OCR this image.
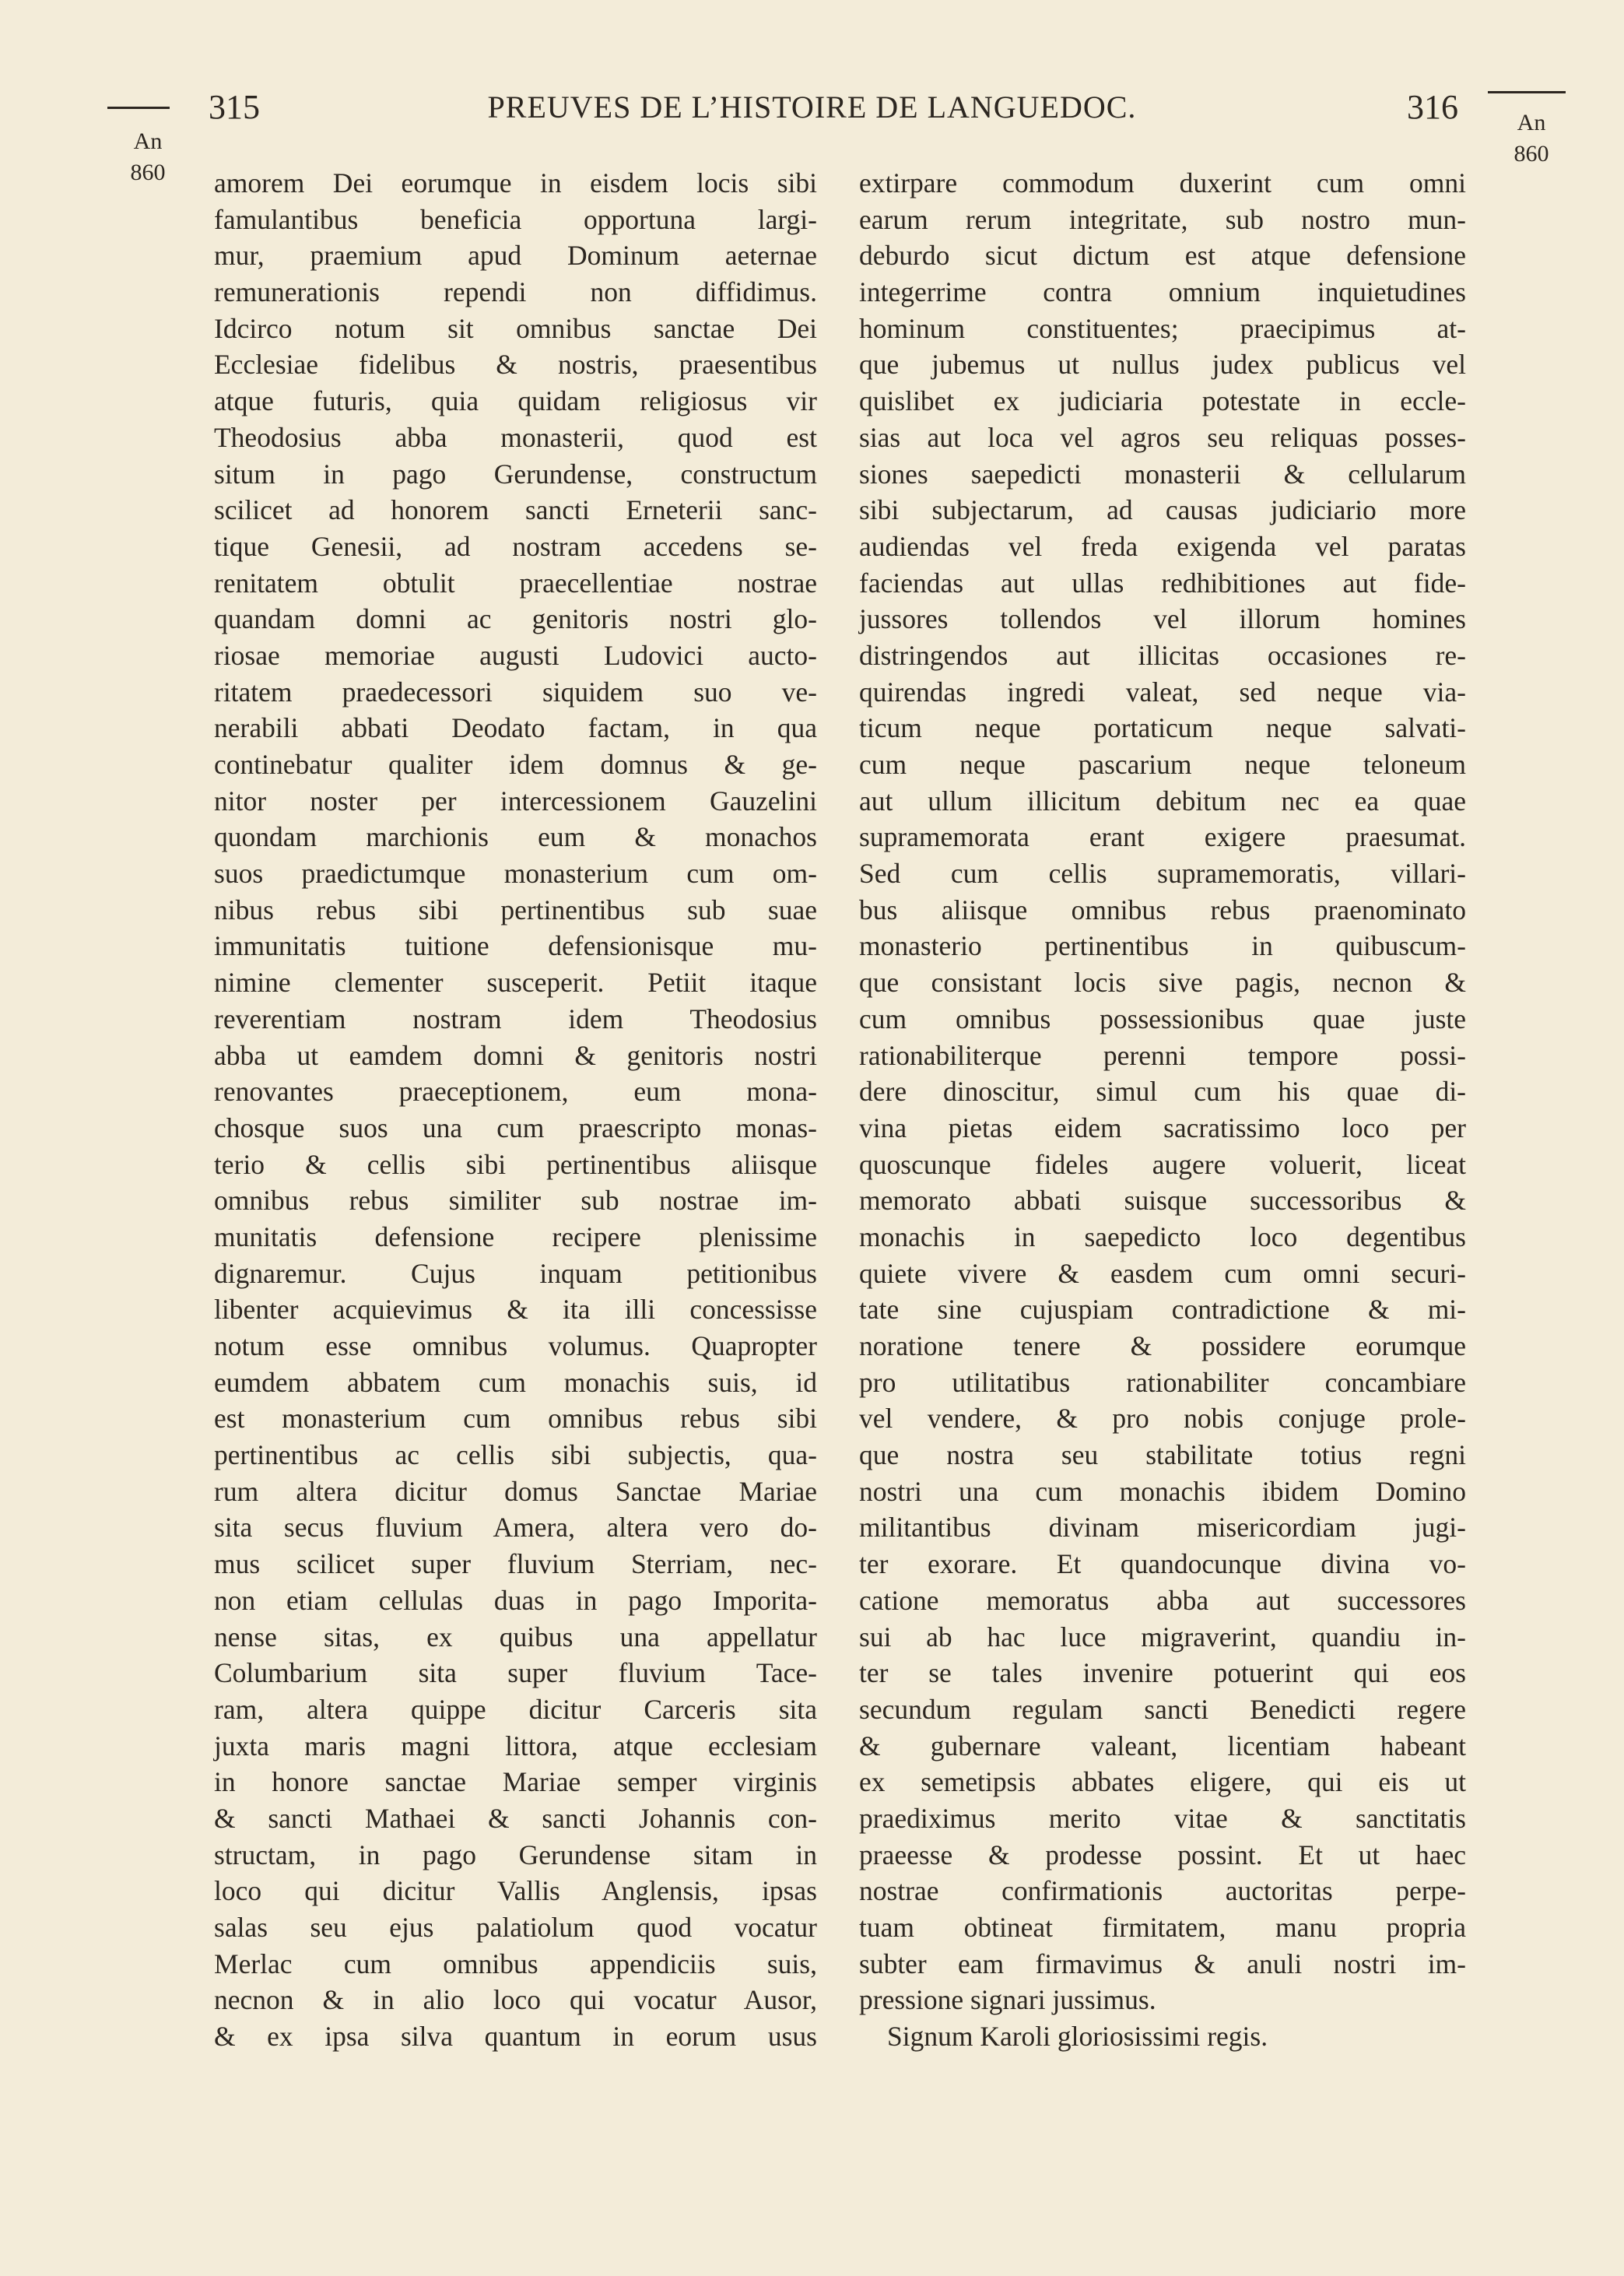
An
860
An
860
315	PREUVES DE L’HISTOIRE DE LANGUEDOC.	316
amorem Dei eorumque in eisdem locis sibi
famulantibus beneficia opportuna largi-
mur, praemium apud Dominum aeternae
remunerationis rependi non diffidimus.
Idcirco notum sit omnibus sanctae Dei
Ecclesiae fidelibus & nostris, praesentibus
atque futuris, quia quidam religiosus vir
Theodosius abba monasterii, quod est
situm in pago Gerundense, constructum
scilicet ad honorem sancti Erneterii sanc-
tique Genesii, ad nostram accedens se-
renitatem obtulit praecellentiae nostrae
quandam domni ac genitoris nostri glo-
riosae memoriae augusti Ludovici aucto-
ritatem praedecessori siquidem suo ve-
nerabili abbati Deodato factam, in qua
continebatur qualiter idem domnus & ge-
nitor noster per intercessionem Gauzelini
quondam marchionis eum & monachos
suos praedictumque monasterium cum om-
nibus rebus sibi pertinentibus sub suae
immunitatis tuitione defensionisque mu-
nimine clementer susceperit. Petiit itaque
reverentiam nostram idem Theodosius
abba ut eamdem domni & genitoris nostri
renovantes praeceptionem, eum mona-
chosque suos una cum praescripto monas-
terio & cellis sibi pertinentibus aliisque
omnibus rebus similiter sub nostrae im-
munitatis defensione recipere plenissime
dignaremur. Cujus inquam petitionibus
libenter acquievimus & ita illi concessisse
notum esse omnibus volumus. Quapropter
eumdem abbatem cum monachis suis, id
est monasterium cum omnibus rebus sibi
pertinentibus ac cellis sibi subjectis, qua-
rum altera dicitur domus Sanctae Mariae
sita secus fluvium Amera, altera vero do-
mus scilicet super fluvium Sterriam, nec-
non etiam cellulas duas in pago Imporita-
nense sitas, ex quibus una appellatur
Columbarium sita super fluvium Tace-
ram, altera quippe dicitur Carceris sita
juxta maris magni littora, atque ecclesiam
in honore sanctae Mariae semper virginis
& sancti Mathaei & sancti Johannis con-
structam, in pago Gerundense sitam in
loco qui dicitur Vallis Anglensis, ipsas
salas seu ejus palatiolum quod vocatur
Merlac cum omnibus appendiciis suis,
necnon & in alio loco qui vocatur Ausor,
& ex ipsa silva quantum in eorum usus
extirpare commodum duxerint cum omni
earum rerum integritate, sub nostro mun-
deburdo sicut dictum est atque defensione
integerrime contra omnium inquietudines
hominum constituentes; praecipimus at-
que jubemus ut nullus judex publicus vel
quislibet ex judiciaria potestate in eccle-
sias aut loca vel agros seu reliquas posses-
siones saepedicti monasterii & cellularum
sibi subjectarum, ad causas judiciario more
audiendas vel freda exigenda vel paratas
faciendas aut ullas redhibitiones aut fide-
jussores tollendos vel illorum homines
distringendos aut illicitas occasiones re-
quirendas ingredi valeat, sed neque via-
ticum neque portaticum neque salvati-
cum neque pascarium neque teloneum
aut ullum illicitum debitum nec ea quae
supramemorata erant exigere praesumat.
Sed cum cellis supramemoratis, villari-
bus aliisque omnibus rebus praenominato
monasterio pertinentibus in quibuscum-
que consistant locis sive pagis, necnon &
cum omnibus possessionibus quae juste
rationabiliterque perenni tempore possi-
dere dinoscitur, simul cum his quae di-
vina pietas eidem sacratissimo loco per
quoscunque fideles augere voluerit, liceat
memorato abbati suisque successoribus &
monachis in saepedicto loco degentibus
quiete vivere & easdem cum omni securi-
tate sine cujuspiam contradictione & mi-
noratione tenere & possidere eorumque
pro utilitatibus rationabiliter concambiare
vel vendere, & pro nobis conjuge prole-
que nostra seu stabilitate totius regni
nostri una cum monachis ibidem Domino
militantibus divinam misericordiam jugi-
ter exorare. Et quandocunque divina vo-
catione memoratus abba aut successores
sui ab hac luce migraverint, quandiu in-
ter se tales invenire potuerint qui eos
secundum regulam sancti Benedicti regere
& gubernare valeant, licentiam habeant
ex semetipsis abbates eligere, qui eis ut
praediximus merito vitae & sanctitatis
praeesse & prodesse possint. Et ut haec
nostrae confirmationis auctoritas perpe-
tuam obtineat firmitatem, manu propria
subter eam firmavimus & anuli nostri im-
pressione signari jussimus.
Signum Karoli gloriosissimi regis.
